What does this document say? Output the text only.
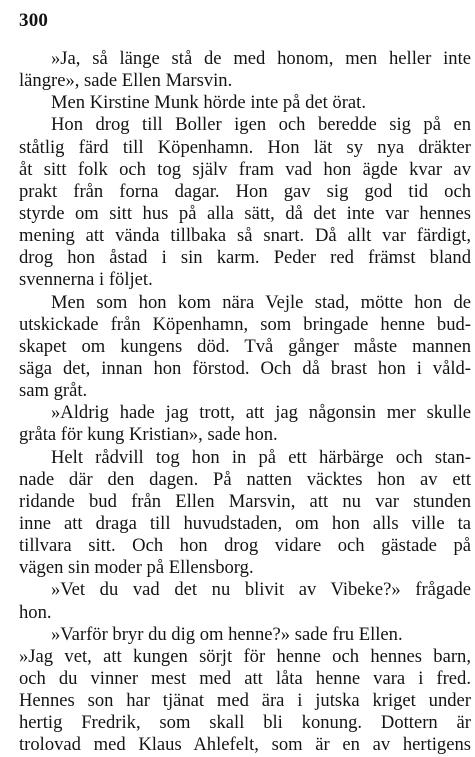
300
»Ja, så länge stå de med honom, men heller inte
längre», sade Ellen Marsvin.
Men Kirstine Munk hörde inte på det örat.
Hon drog till Boller igen och beredde sig på en
ståtlig färd till Köpenhamn. Hon lät sy nya dräkter
åt sitt folk och tog själv fram vad hon ägde kvar av
prakt från forna dagar. Hon gav sig god tid och
styrde om sitt hus på alla sätt, då det inte var hennes
mening att vända tillbaka så snart. Då allt var färdigt,
drog hon åstad i sin karm. Peder red främst bland
svennerna i följet.
Men som hon kom nära Vejle stad, mötte hon de
utskickade från Köpenhamn, som bringade henne bud-
skapet om kungens död. Två gånger måste mannen
säga det, innan hon förstod. Och då brast hon i våld-
sam gråt.
»Aldrig hade jag trott, att jag någonsin mer skulle
gråta för kung Kristian», sade hon.
Helt rådvill tog hon in på ett härbärge och stan-
nade där den dagen. På natten väcktes hon av ett
ridande bud från Ellen Marsvin, att nu var stunden
inne att draga till huvudstaden, om hon alls ville ta
tillvara sitt. Och hon drog vidare och gästade på
vägen sin moder på Ellensborg.
»Vet du vad det nu blivit av Vibeke?» frågade
hon.
»Varför bryr du dig om henne?» sade fru Ellen.
»Jag vet, att kungen sörjt för henne och hennes barn,
och du vinner mest med att låta henne vara i fred.
Hennes son har tjänat med ära i jutska kriget under
hertig Fredrik, som skall bli konung. Dottern är
trolovad med Klaus Ahlefelt, som är en av hertigens
